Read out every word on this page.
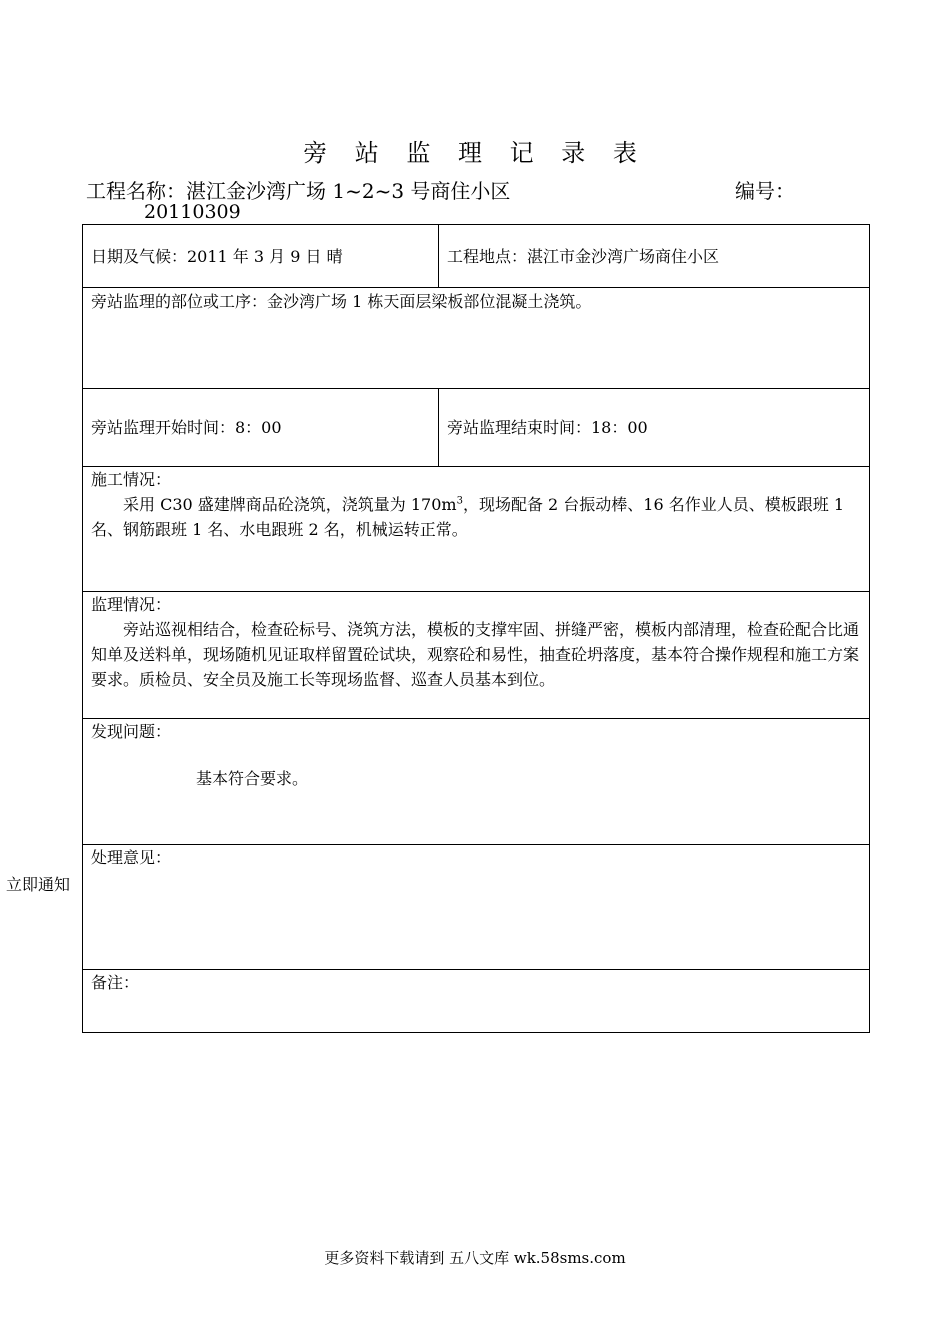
旁 站 监 理 记 录 表
工程名称：湛江金沙湾广场 1~2~3 号商住小区	编号：
20110309
日期及气候：2011 年 3 月 9 日 晴	工程地点：湛江市金沙湾广场商住小区
旁站监理的部位或工序：金沙湾广场 1 栋天面层梁板部位混凝土浇筑。	
旁站监理开始时间：8：00	旁站监理结束时间：18：00

施工情况：

采用 C30 盛建牌商品砼浇筑，浇筑量为 $170m^3$，现场配备 2 台振动棒、16 名作业人员、模板跟班 1 名、钢筋跟班 1 名、水电跟班 2 名，机械运转正常。	

监理情况：

旁站巡视相结合，检查砼标号、浇筑方法，模板的支撑牢固、拼缝严密，模板内部清理，检查砼配合比通知单及送料单，现场随机见证取样留置砼试块，观察砼和易性，抽查砼坍落度，基本符合操作规程和施工方案要求。质检员、安全员及施工长等现场监督、巡查人员基本到位。	

发现问题：
基本符合要求。	

处理意见：	

备注：	
立即通知
更多资料下载请到 五八文库 wk.58sms.com
